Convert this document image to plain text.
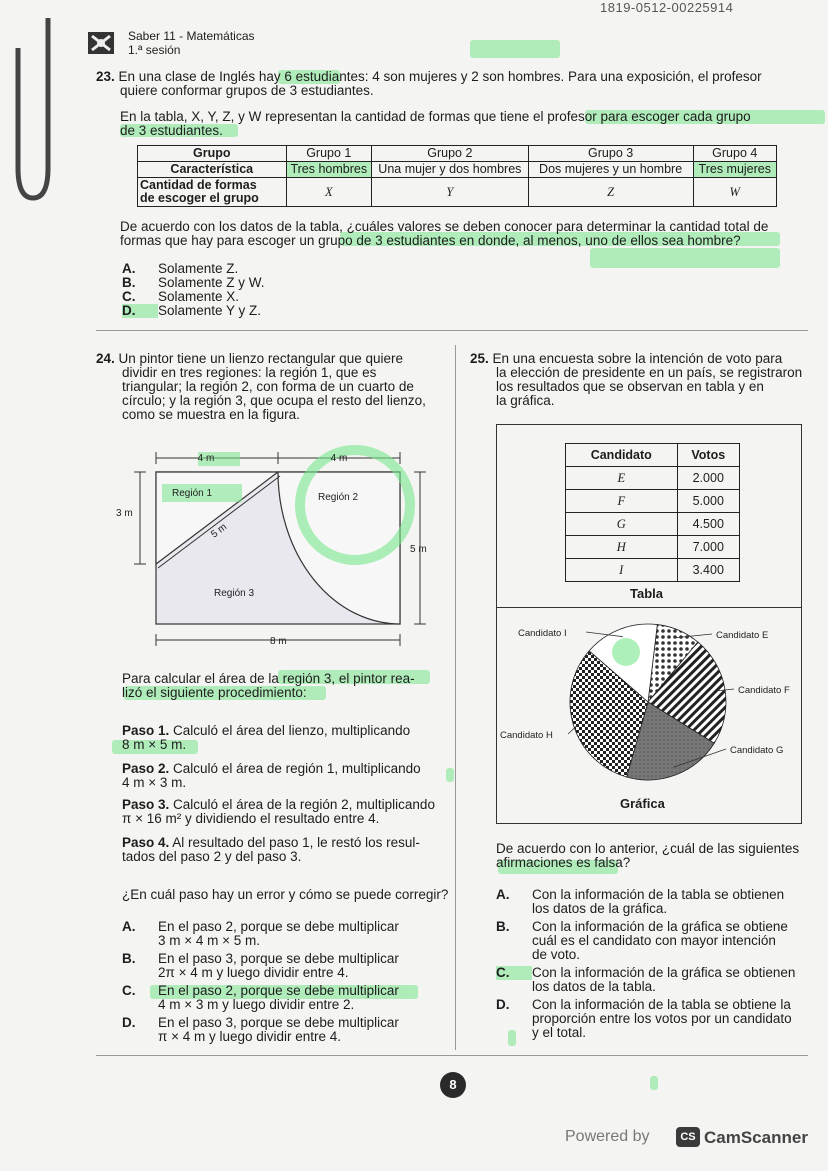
1819-0512-00225914
Saber 11 - Matemáticas
1.ª sesión
23. En una clase de Inglés hay 6 estudiantes: 4 son mujeres y 2 son hombres. Para una exposición, el profesor
quiere conformar grupos de 3 estudiantes.
En la tabla, X, Y, Z, y W representan la cantidad de formas que tiene el profesor para escoger cada grupo
de 3 estudiantes.
Grupo	Grupo 1	Grupo 2	Grupo 3	Grupo 4
Característica	Tres hombres	Una mujer y dos hombres	Dos mujeres y un hombre	Tres mujeres

Cantidad de formas
de escoger el grupo	X	Y	Z	W
De acuerdo con los datos de la tabla, ¿cuáles valores se deben conocer para determinar la cantidad total de
formas que hay para escoger un grupo de 3 estudiantes en donde, al menos, uno de ellos sea hombre?
A. Solamente Z.
B. Solamente Z y W.
C. Solamente X.
D. Solamente Y y Z.
24. Un pintor tiene un lienzo rectangular que quiere
dividir en tres regiones: la región 1, que es
triangular; la región 2, con forma de un cuarto de
círculo; y la región 3, que ocupa el resto del lienzo,
como se muestra en la figura.
4 m	4 m
3 m
5 m
5 m
8 m
Región 1	Región 2
Región 3
Para calcular el área de la región 3, el pintor rea-
lizó el siguiente procedimiento:
Paso 1. Calculó el área del lienzo, multiplicando
8 m × 5 m.
Paso 2. Calculó el área de región 1, multiplicando
4 m × 3 m.
Paso 3. Calculó el área de la región 2, multiplicando
π × 16 m² y dividiendo el resultado entre 4.
Paso 4. Al resultado del paso 1, le restó los resul-
tados del paso 2 y del paso 3.
¿En cuál paso hay un error y cómo se puede corregir?
A. En el paso 2, porque se debe multiplicar
3 m × 4 m × 5 m.
B. En el paso 3, porque se debe multiplicar
2π × 4 m y luego dividir entre 4.
C. En el paso 2, porque se debe multiplicar
4 m × 3 m y luego dividir entre 2.
D. En el paso 3, porque se debe multiplicar
π × 4 m y luego dividir entre 4.
25. En una encuesta sobre la intención de voto para
la elección de presidente en un país, se registraron
los resultados que se observan en tabla y en
la gráfica.
Candidato	Votos
E	2.000
F	5.000
G	4.500
H	7.000
I	3.400
Tabla
Candidato E
Candidato F
Candidato G
Candidato H
Candidato I
Gráfica
De acuerdo con lo anterior, ¿cuál de las siguientes
afirmaciones es falsa?
A. Con la información de la tabla se obtienen
los datos de la gráfica.
B. Con la información de la gráfica se obtiene
cuál es el candidato con mayor intención
de voto.
C. Con la información de la gráfica se obtienen
los datos de la tabla.
D. Con la información de la tabla se obtiene la
proporción entre los votos por un candidato
y el total.
8
Powered by	CS CamScanner
